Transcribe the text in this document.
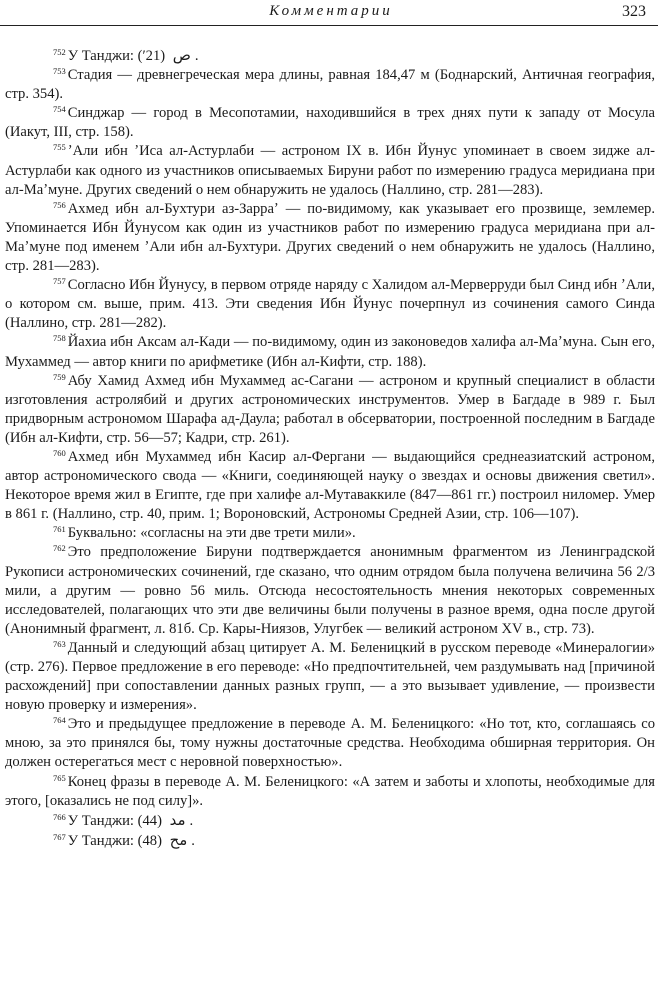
Комментарии	323

$^{752}$ У Танджи: ص (21′).

$^{753}$ Стадия — древнегреческая мера длины, равная 184,47 м (Боднарский, Античная география, стр. 354).

$^{754}$ Синджар — город в Месопотамии, находившийся в трех днях пути к западу от Мосула (Иакут, III, стр. 158).

$^{755}$ ʼАли ибн ʼИса ал-Астурлаби — астроном IX в. Ибн Йунус упоминает в своем зидже ал-Астурлаби как одного из участников описываемых Бируни работ по измерению градуса меридиана при ал-Маʼмуне. Других сведений о нем обнаружить не удалось (Наллино, стр. 281—283).

$^{756}$ Ахмед ибн ал-Бухтури аз-Зарраʼ — по-видимому, как указывает его прозвище, землемер. Упоминается Ибн Йунусом как один из участников работ по измерению градуса меридиана при ал-Маʼмуне под именем ʼАли ибн ал-Бухтури. Других сведений о нем обнаружить не удалось (Наллино, стр. 281—283).

$^{757}$ Согласно Ибн Йунусу, в первом отряде наряду с Халидом ал-Мерверруди был Синд ибн ʼАли, о котором см. выше, прим. 413. Эти сведения Ибн Йунус почерпнул из сочинения самого Синда (Наллино, стр. 281—282).

$^{758}$ Йахиа ибн Аксам ал-Кади — по-видимому, один из законоведов халифа ал-Маʼмуна. Сын его, Мухаммед — автор книги по арифметике (Ибн ал-Кифти, стр. 188).

$^{759}$ Абу Хамид Ахмед ибн Мухаммед ас-Сагани — астроном и крупный специалист в области изготовления астролябий и других астрономических инструментов. Умер в Багдаде в 989 г. Был придворным астрономом Шарафа ад-Даула; работал в обсерватории, построенной последним в Багдаде (Ибн ал-Кифти, стр. 56—57; Кадри, стр. 261).

$^{760}$ Ахмед ибн Мухаммед ибн Касир ал-Фергани — выдающийся среднеазиатский астроном, автор астрономического свода — «Книги, соединяющей науку о звездах и основы движения светил». Некоторое время жил в Египте, где при халифе ал-Мутаваккиле (847—861 гг.) построил ниломер. Умер в 861 г. (Наллино, стр. 40, прим. 1; Вороновский, Астрономы Средней Азии, стр. 106—107).

$^{761}$ Буквально: «согласны на эти две трети мили».

$^{762}$ Это предположение Бируни подтверждается анонимным фрагментом из Ленинградской Рукописи астрономических сочинений, где сказано, что одним отрядом была получена величина 56 2/3 мили, а другим — ровно 56 миль. Отсюда несостоятельность мнения некоторых современных исследователей, полагающих что эти две величины были получены в разное время, одна после другой (Анонимный фрагмент, л. 81б. Ср. Кары-Ниязов, Улугбек — великий астроном XV в., стр. 73).

$^{763}$ Данный и следующий абзац цитирует А. М. Беленицкий в русском переводе «Минералогии» (стр. 276). Первое предложение в его переводе: «Но предпочтительней, чем раздумывать над [причиной расхождений] при сопоставлении данных разных групп, — а это вызывает удивление, — произвести новую проверку и измерения».

$^{764}$ Это и предыдущее предложение в переводе А. М. Беленицкого: «Но тот, кто, соглашаясь со мною, за это принялся бы, тому нужны достаточные средства. Необходима обширная территория. Он должен остерегаться мест с неровной поверхностью».

$^{765}$ Конец фразы в переводе А. М. Беленицкого: «А затем и заботы и хлопоты, необходимые для этого, [оказались не под силу]».

$^{766}$ У Танджи: مد (44).

$^{767}$ У Танджи: مح (48).
